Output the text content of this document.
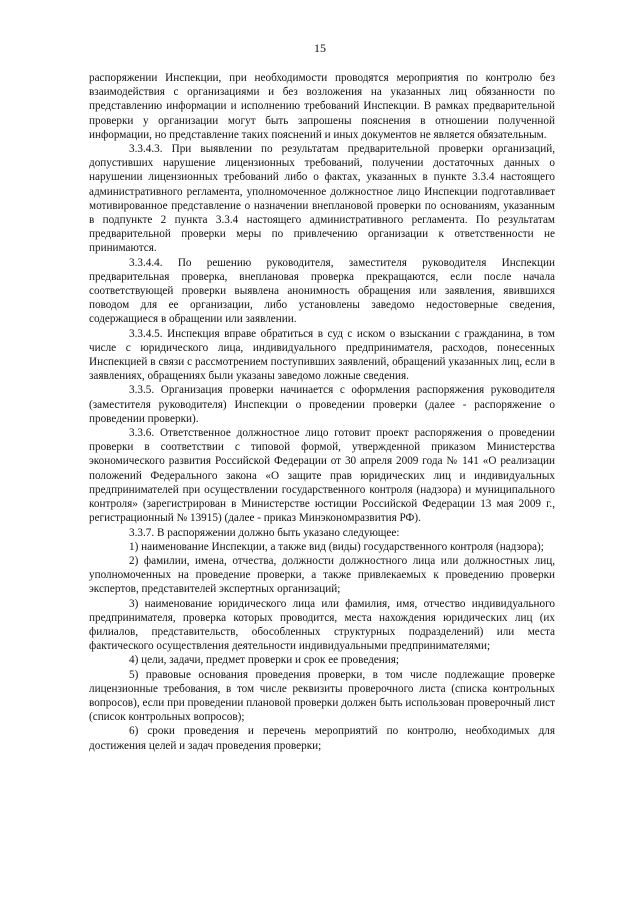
15

распоряжении Инспекции, при необходимости проводятся мероприятия по контролю без взаимодействия с организациями и без возложения на указанных лиц обязанности по представлению информации и исполнению требований Инспекции. В рамках предварительной проверки у организации могут быть запрошены пояснения в отношении полученной информации, но представление таких пояснений и иных документов не является обязательным.

3.3.4.3. При выявлении по результатам предварительной проверки организаций, допустивших нарушение лицензионных требований, получении достаточных данных о нарушении лицензионных требований либо о фактах, указанных в пункте 3.3.4 настоящего административного регламента, уполномоченное должностное лицо Инспекции подготавливает мотивированное представление о назначении внеплановой проверки по основаниям, указанным в подпункте 2 пункта 3.3.4 настоящего административного регламента. По результатам предварительной проверки меры по привлечению организации к ответственности не принимаются.

3.3.4.4. По решению руководителя, заместителя руководителя Инспекции предварительная проверка, внеплановая проверка прекращаются, если после начала соответствующей проверки выявлена анонимность обращения или заявления, явившихся поводом для ее организации, либо установлены заведомо недостоверные сведения, содержащиеся в обращении или заявлении.

3.3.4.5. Инспекция вправе обратиться в суд с иском о взыскании с гражданина, в том числе с юридического лица, индивидуального предпринимателя, расходов, понесенных Инспекцией в связи с рассмотрением поступивших заявлений, обращений указанных лиц, если в заявлениях, обращениях были указаны заведомо ложные сведения.

3.3.5. Организация проверки начинается с оформления распоряжения руководителя (заместителя руководителя) Инспекции о проведении проверки (далее - распоряжение о проведении проверки).

3.3.6. Ответственное должностное лицо готовит проект распоряжения о проведении проверки в соответствии с типовой формой, утвержденной приказом Министерства экономического развития Российской Федерации от 30 апреля 2009 года № 141 «О реализации положений Федерального закона «О защите прав юридических лиц и индивидуальных предпринимателей при осуществлении государственного контроля (надзора) и муниципального контроля» (зарегистрирован в Министерстве юстиции Российской Федерации 13 мая 2009 г., регистрационный № 13915) (далее - приказ Минэкономразвития РФ).

3.3.7. В распоряжении должно быть указано следующее:

1) наименование Инспекции, а также вид (виды) государственного контроля (надзора);

2) фамилии, имена, отчества, должности должностного лица или должностных лиц, уполномоченных на проведение проверки, а также привлекаемых к проведению проверки экспертов, представителей экспертных организаций;

3) наименование юридического лица или фамилия, имя, отчество индивидуального предпринимателя, проверка которых проводится, места нахождения юридических лиц (их филиалов, представительств, обособленных структурных подразделений) или места фактического осуществления деятельности индивидуальными предпринимателями;

4) цели, задачи, предмет проверки и срок ее проведения;

5) правовые основания проведения проверки, в том числе подлежащие проверке лицензионные требования, в том числе реквизиты проверочного листа (списка контрольных вопросов), если при проведении плановой проверки должен быть использован проверочный лист (список контрольных вопросов);

6) сроки проведения и перечень мероприятий по контролю, необходимых для достижения целей и задач проведения проверки;
